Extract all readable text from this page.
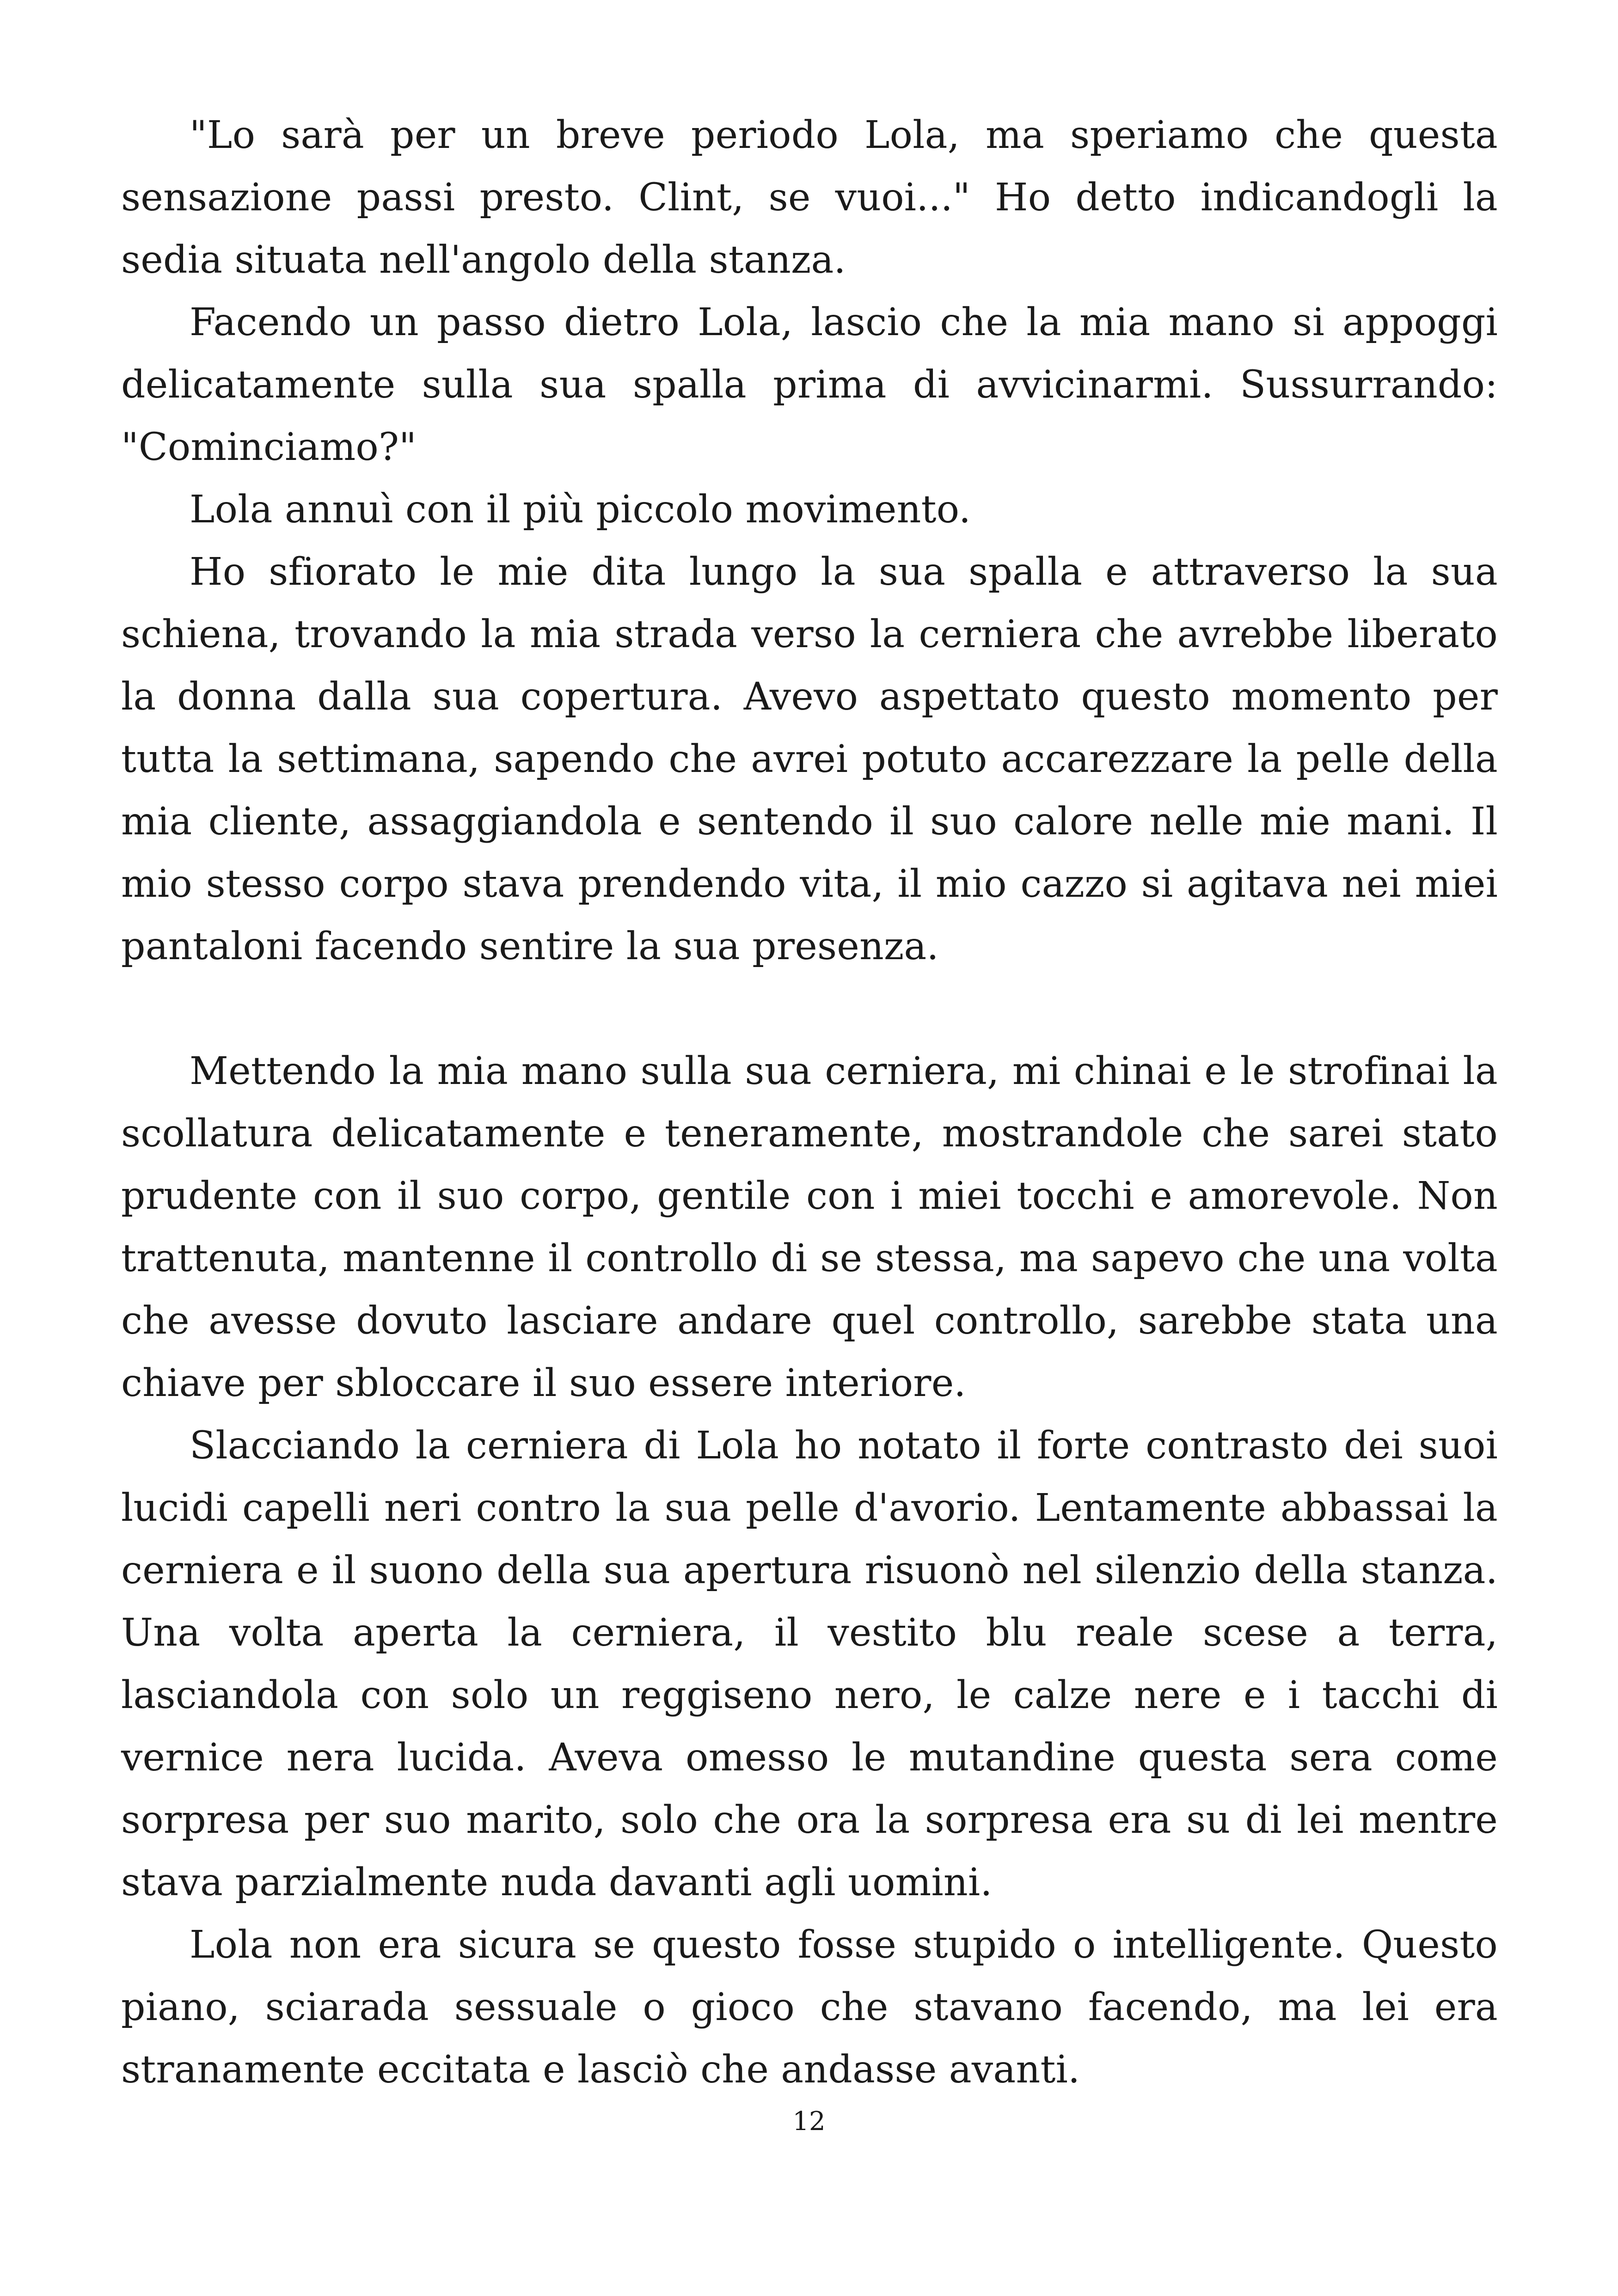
"Lo sarà per un breve periodo Lola, ma speriamo che questa sensazione passi presto. Clint, se vuoi..." Ho detto indicandogli la sedia situata nell'angolo della stanza.

Facendo un passo dietro Lola, lascio che la mia mano si appoggi delicatamente sulla sua spalla prima di avvicinarmi. Sussurrando: "Cominciamo?"

Lola annuì con il più piccolo movimento.

Ho sfiorato le mie dita lungo la sua spalla e attraverso la sua schiena, trovando la mia strada verso la cerniera che avrebbe liberato la donna dalla sua copertura. Avevo aspettato questo momento per tutta la settimana, sapendo che avrei potuto accarezzare la pelle della mia cliente, assaggiandola e sentendo il suo calore nelle mie mani. Il mio stesso corpo stava prendendo vita, il mio cazzo si agitava nei miei pantaloni facendo sentire la sua presenza.

Mettendo la mia mano sulla sua cerniera, mi chinai e le strofinai la scollatura delicatamente e teneramente, mostrandole che sarei stato prudente con il suo corpo, gentile con i miei tocchi e amorevole. Non trattenuta, mantenne il controllo di se stessa, ma sapevo che una volta che avesse dovuto lasciare andare quel controllo, sarebbe stata una chiave per sbloccare il suo essere interiore.

Slacciando la cerniera di Lola ho notato il forte contrasto dei suoi lucidi capelli neri contro la sua pelle d'avorio. Lentamente abbassai la cerniera e il suono della sua apertura risuonò nel silenzio della stanza. Una volta aperta la cerniera, il vestito blu reale scese a terra, lasciandola con solo un reggiseno nero, le calze nere e i tacchi di vernice nera lucida. Aveva omesso le mutandine questa sera come sorpresa per suo marito, solo che ora la sorpresa era su di lei mentre stava parzialmente nuda davanti agli uomini.

Lola non era sicura se questo fosse stupido o intelligente. Questo piano, sciarada sessuale o gioco che stavano facendo, ma lei era stranamente eccitata e lasciò che andasse avanti.

12
